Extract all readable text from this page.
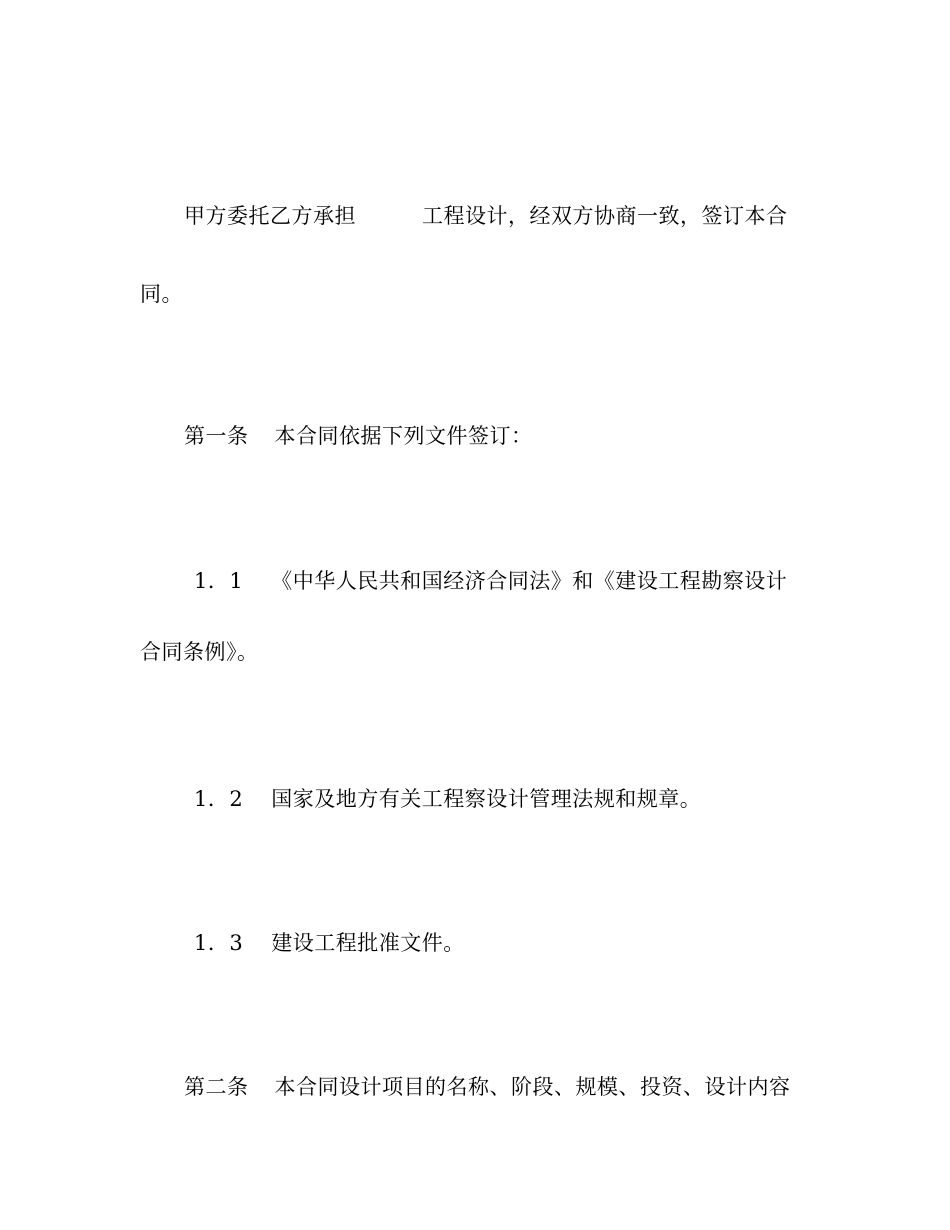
甲方委托乙方承担	工程设计，经双方协商一致，签订本合
同。
第一条 本合同依据下列文件签订：
1．1 《中华人民共和国经济合同法》和《建设工程勘察设计
合同条例》。
1．2 国家及地方有关工程察设计管理法规和规章。
1．3 建设工程批准文件。
第二条 本合同设计项目的名称、阶段、规模、投资、设计内容
